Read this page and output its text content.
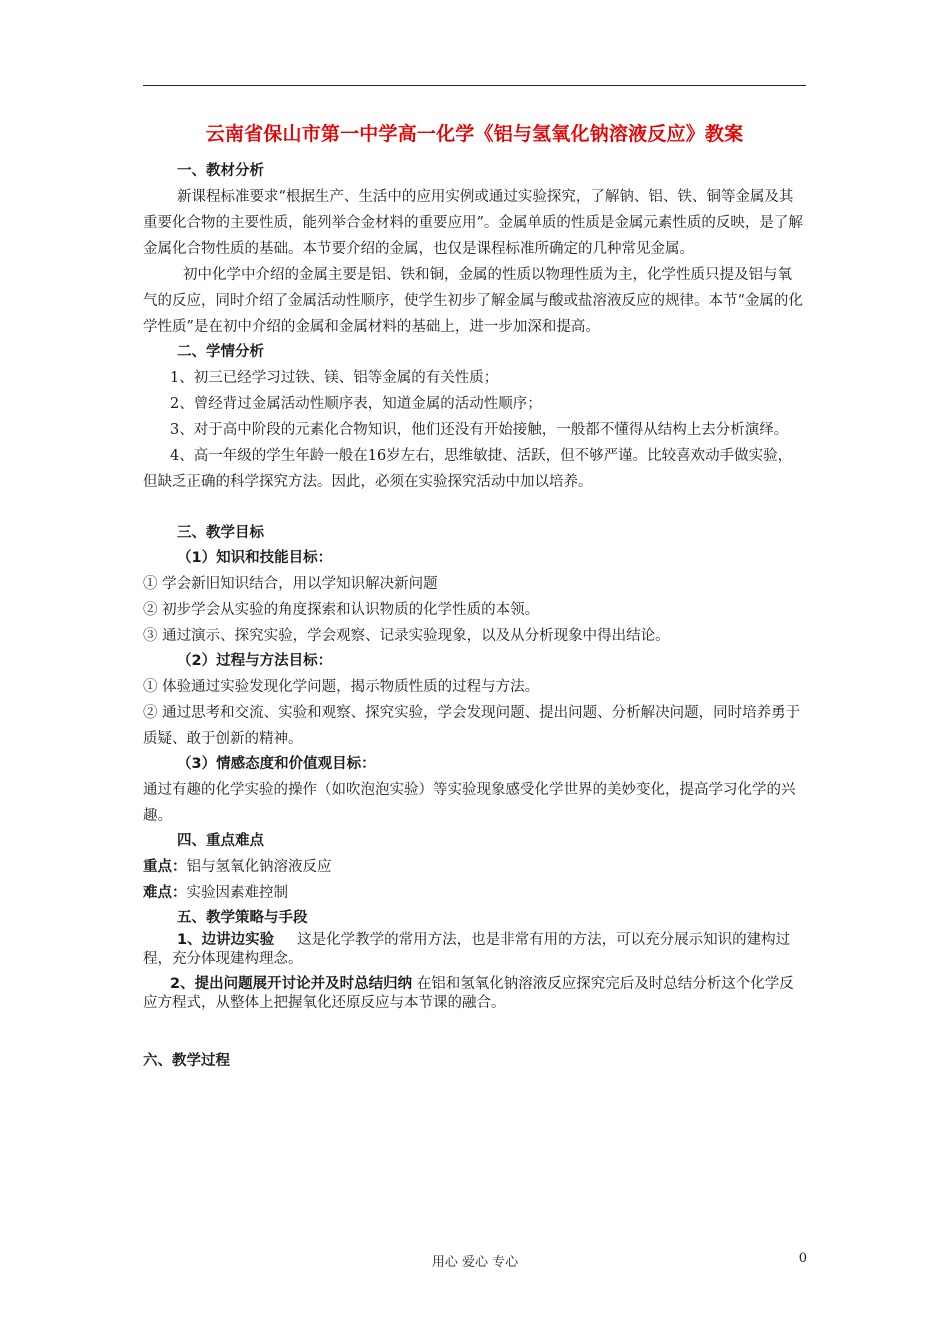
云南省保山市第一中学高一化学《铝与氢氧化钠溶液反应》教案
一、教材分析

新课程标准要求“根据生产、生活中的应用实例或通过实验探究，了解钠、铝、铁、铜等金属及其重要化合物的主要性质，能列举合金材料的重要应用”。金属单质的性质是金属元素性质的反映，是了解金属化合物性质的基础。本节要介绍的金属，也仅是课程标准所确定的几种常见金属。

初中化学中介绍的金属主要是铝、铁和铜，金属的性质以物理性质为主，化学性质只提及铝与氧气的反应，同时介绍了金属活动性顺序，使学生初步了解金属与酸或盐溶液反应的规律。本节“金属的化学性质”是在初中介绍的金属和金属材料的基础上，进一步加深和提高。

二、学情分析

1、初三已经学习过铁、镁、铝等金属的有关性质；

2、曾经背过金属活动性顺序表，知道金属的活动性顺序；

3、对于高中阶段的元素化合物知识，他们还没有开始接触，一般都不懂得从结构上去分析演绎。

4、高一年级的学生年龄一般在16岁左右，思维敏捷、活跃，但不够严谨。比较喜欢动手做实验，但缺乏正确的科学探究方法。因此，必须在实验探究活动中加以培养。

三、教学目标
（1）知识和技能目标：

① 学会新旧知识结合，用以学知识解决新问题

② 初步学会从实验的角度探索和认识物质的化学性质的本领。

③ 通过演示、探究实验，学会观察、记录实验现象，以及从分析现象中得出结论。

（2）过程与方法目标：

① 体验通过实验发现化学问题，揭示物质性质的过程与方法。

② 通过思考和交流、实验和观察、探究实验，学会发现问题、提出问题、分析解决问题，同时培养勇于质疑、敢于创新的精神。

（3）情感态度和价值观目标：

通过有趣的化学实验的操作（如吹泡泡实验）等实验现象感受化学世界的美妙变化，提高学习化学的兴趣。

四、重点难点

重点：铝与氢氧化钠溶液反应

难点：实验因素难控制

五、教学策略与手段

1、边讲边实验 这是化学教学的常用方法，也是非常有用的方法，可以充分展示知识的建构过程，充分体现建构理念。

2、提出问题展开讨论并及时总结归纳 在铝和氢氧化钠溶液反应探究完后及时总结分析这个化学反应方程式，从整体上把握氧化还原反应与本节课的融合。

六、教学过程
用心 爱心 专心	0
